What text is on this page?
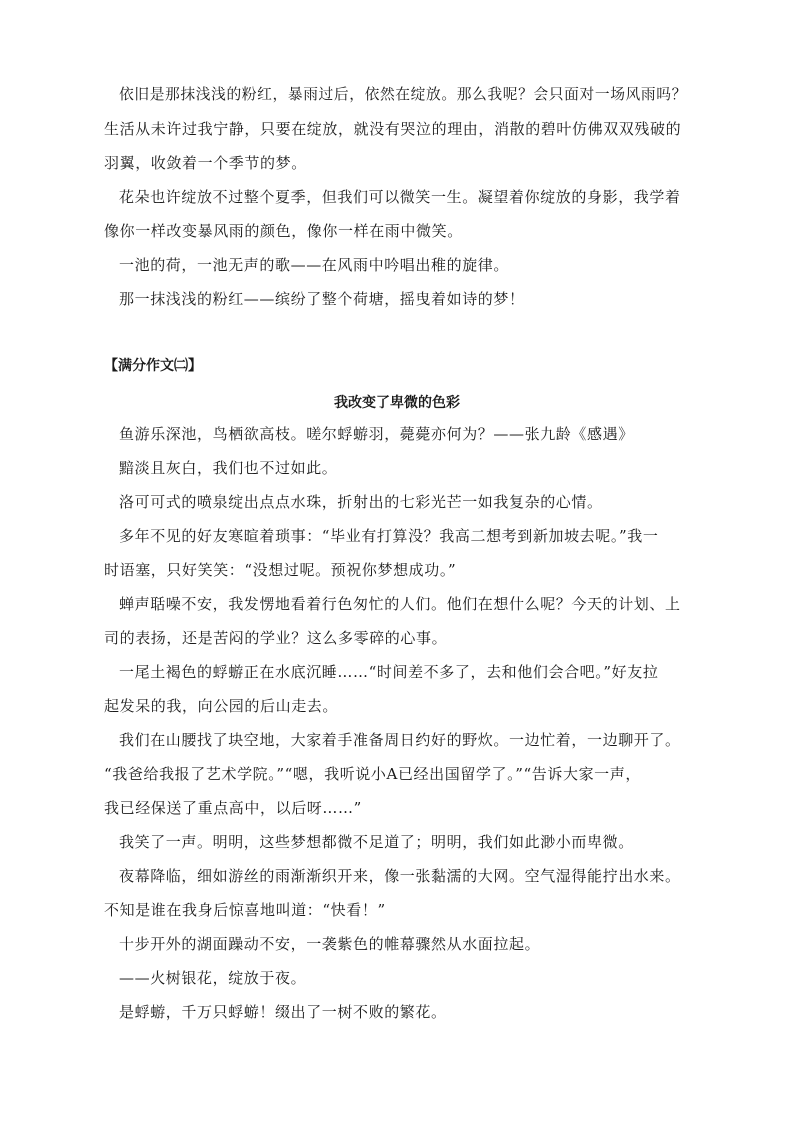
依旧是那抹浅浅的粉红，暴雨过后，依然在绽放。那么我呢？会只面对一场风雨吗？

生活从未许过我宁静，只要在绽放，就没有哭泣的理由，消散的碧叶仿佛双双残破的

羽翼，收敛着一个季节的梦。

花朵也许绽放不过整个夏季，但我们可以微笑一生。凝望着你绽放的身影，我学着

像你一样改变暴风雨的颜色，像你一样在雨中微笑。

一池的荷，一池无声的歌——在风雨中吟唱出稚的旋律。

那一抹浅浅的粉红——缤纷了整个荷塘，摇曳着如诗的梦！

【满分作文㈡】

我改变了卑微的色彩

鱼游乐深池，鸟栖欲高枝。嗟尔蜉蝣羽，薨薨亦何为？——张九龄《感遇》

黯淡且灰白，我们也不过如此。

洛可可式的喷泉绽出点点水珠，折射出的七彩光芒一如我复杂的心情。

多年不见的好友寒暄着琐事：“毕业有打算没？我高二想考到新加坡去呢。”我一

时语塞，只好笑笑：“没想过呢。预祝你梦想成功。”

蝉声聒噪不安，我发愣地看着行色匆忙的人们。他们在想什么呢？今天的计划、上

司的表扬，还是苦闷的学业？这么多零碎的心事。

一尾土褐色的蜉蝣正在水底沉睡……“时间差不多了，去和他们会合吧。”好友拉

起发呆的我，向公园的后山走去。

我们在山腰找了块空地，大家着手准备周日约好的野炊。一边忙着，一边聊开了。

“我爸给我报了艺术学院。”“嗯，我听说小A已经出国留学了。”“告诉大家一声，

我已经保送了重点高中，以后呀……”

我笑了一声。明明，这些梦想都微不足道了；明明，我们如此渺小而卑微。

夜幕降临，细如游丝的雨渐渐织开来，像一张黏濡的大网。空气湿得能拧出水来。

不知是谁在我身后惊喜地叫道：“快看！”

十步开外的湖面躁动不安，一袭紫色的帷幕骤然从水面拉起。

——火树银花，绽放于夜。

是蜉蝣，千万只蜉蝣！缀出了一树不败的繁花。
